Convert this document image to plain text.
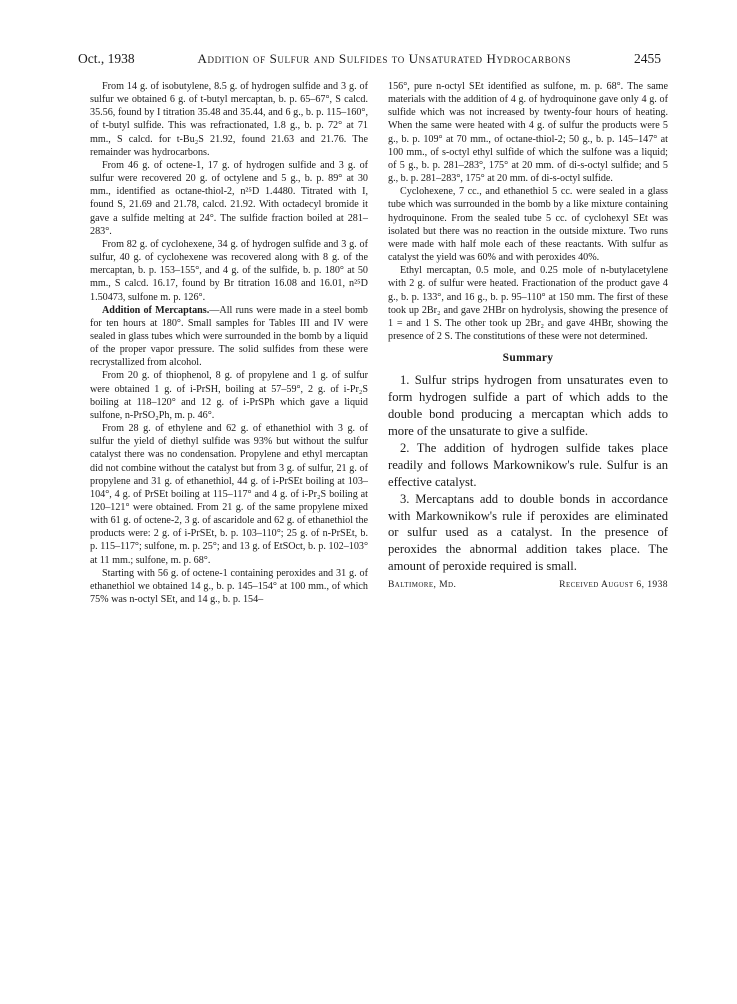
Oct., 1938	Addition of Sulfur and Sulfides to Unsaturated Hydrocarbons	2455

From 14 g. of isobutylene, 8.5 g. of hydrogen sulfide and 3 g. of sulfur we obtained 6 g. of t-butyl mercaptan, b. p. 65–67°, S calcd. 35.56, found by I titration 35.48 and 35.44, and 6 g., b. p. 115–160°, of t-butyl sulfide. This was refractionated, 1.8 g., b. p. 72° at 71 mm., S calcd. for t-Bu₂S 21.92, found 21.63 and 21.76. The remainder was hydrocarbons.

From 46 g. of octene-1, 17 g. of hydrogen sulfide and 3 g. of sulfur were recovered 20 g. of octylene and 5 g., b. p. 89° at 30 mm., identified as octane-thiol-2, n²⁵D 1.4480. Titrated with I, found S, 21.69 and 21.78, calcd. 21.92. With octadecyl bromide it gave a sulfide melting at 24°. The sulfide fraction boiled at 281–283°.

From 82 g. of cyclohexene, 34 g. of hydrogen sulfide and 3 g. of sulfur, 40 g. of cyclohexene was recovered along with 8 g. of the mercaptan, b. p. 153–155°, and 4 g. of the sulfide, b. p. 180° at 50 mm., S calcd. 16.17, found by Br titration 16.08 and 16.01, n²⁵D 1.50473, sulfone m. p. 126°.

Addition of Mercaptans.—All runs were made in a steel bomb for ten hours at 180°. Small samples for Tables III and IV were sealed in glass tubes which were surrounded in the bomb by a liquid of the proper vapor pressure. The solid sulfides from these were recrystallized from alcohol.

From 20 g. of thiophenol, 8 g. of propylene and 1 g. of sulfur were obtained 1 g. of i-PrSH, boiling at 57–59°, 2 g. of i-Pr₂S boiling at 118–120° and 12 g. of i-PrSPh which gave a liquid sulfone, n-PrSO₂Ph, m. p. 46°.

From 28 g. of ethylene and 62 g. of ethanethiol with 3 g. of sulfur the yield of diethyl sulfide was 93% but without the sulfur catalyst there was no condensation. Propylene and ethyl mercaptan did not combine without the catalyst but from 3 g. of sulfur, 21 g. of propylene and 31 g. of ethanethiol, 44 g. of i-PrSEt boiling at 103–104°, 4 g. of PrSEt boiling at 115–117° and 4 g. of i-Pr₂S boiling at 120–121° were obtained. From 21 g. of the same propylene mixed with 61 g. of octene-2, 3 g. of ascaridole and 62 g. of ethanethiol the products were: 2 g. of i-PrSEt, b. p. 103–110°; 25 g. of n-PrSEt, b. p. 115–117°; sulfone, m. p. 25°; and 13 g. of EtSOct, b. p. 102–103° at 11 mm.; sulfone, m. p. 68°.

Starting with 56 g. of octene-1 containing peroxides and 31 g. of ethanethiol we obtained 14 g., b. p. 145–154° at 100 mm., of which 75% was n-octyl SEt, and 14 g., b. p. 154–

156°, pure n-octyl SEt identified as sulfone, m. p. 68°. The same materials with the addition of 4 g. of hydroquinone gave only 4 g. of sulfide which was not increased by twenty-four hours of heating. When the same were heated with 4 g. of sulfur the products were 5 g., b. p. 109° at 70 mm., of octane-thiol-2; 50 g., b. p. 145–147° at 100 mm., of s-octyl ethyl sulfide of which the sulfone was a liquid; of 5 g., b. p. 281–283°, 175° at 20 mm. of di-s-octyl sulfide; and 5 g., b. p. 281–283°, 175° at 20 mm. of di-s-octyl sulfide.

Cyclohexene, 7 cc., and ethanethiol 5 cc. were sealed in a glass tube which was surrounded in the bomb by a like mixture containing hydroquinone. From the sealed tube 5 cc. of cyclohexyl SEt was isolated but there was no reaction in the outside mixture. Two runs were made with half mole each of these reactants. With sulfur as catalyst the yield was 60% and with peroxides 40%.

Ethyl mercaptan, 0.5 mole, and 0.25 mole of n-butylacetylene with 2 g. of sulfur were heated. Fractionation of the product gave 4 g., b. p. 133°, and 16 g., b. p. 95–110° at 150 mm. The first of these took up 2Br₂ and gave 2HBr on hydrolysis, showing the presence of 1 = and 1 S. The other took up 2Br₂ and gave 4HBr, showing the presence of 2 S. The constitutions of these were not determined.

Summary

1. Sulfur strips hydrogen from unsaturates even to form hydrogen sulfide a part of which adds to the double bond producing a mercaptan which adds to more of the unsaturate to give a sulfide.

2. The addition of hydrogen sulfide takes place readily and follows Markownikow's rule. Sulfur is an effective catalyst.

3. Mercaptans add to double bonds in accordance with Markownikow's rule if peroxides are eliminated or sulfur used as a catalyst. In the presence of peroxides the abnormal addition takes place. The amount of peroxide required is small.

Baltimore, Md.	Received August 6, 1938
